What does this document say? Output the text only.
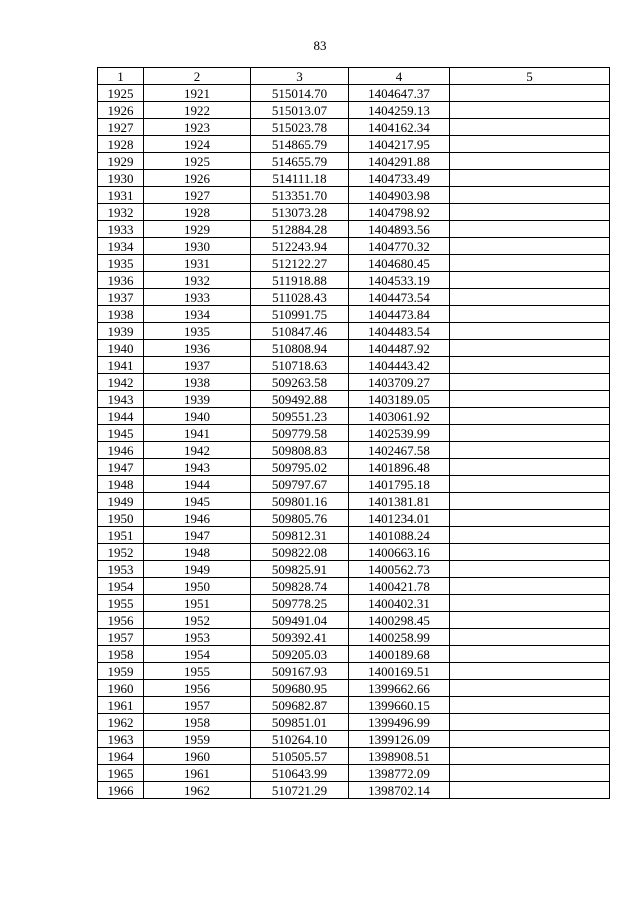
83
1	2	3	4	5
1925	1921	515014.70	1404647.37	
1926	1922	515013.07	1404259.13	
1927	1923	515023.78	1404162.34	
1928	1924	514865.79	1404217.95	
1929	1925	514655.79	1404291.88	
1930	1926	514111.18	1404733.49	
1931	1927	513351.70	1404903.98	
1932	1928	513073.28	1404798.92	
1933	1929	512884.28	1404893.56	
1934	1930	512243.94	1404770.32	
1935	1931	512122.27	1404680.45	
1936	1932	511918.88	1404533.19	
1937	1933	511028.43	1404473.54	
1938	1934	510991.75	1404473.84	
1939	1935	510847.46	1404483.54	
1940	1936	510808.94	1404487.92	
1941	1937	510718.63	1404443.42	
1942	1938	509263.58	1403709.27	
1943	1939	509492.88	1403189.05	
1944	1940	509551.23	1403061.92	
1945	1941	509779.58	1402539.99	
1946	1942	509808.83	1402467.58	
1947	1943	509795.02	1401896.48	
1948	1944	509797.67	1401795.18	
1949	1945	509801.16	1401381.81	
1950	1946	509805.76	1401234.01	
1951	1947	509812.31	1401088.24	
1952	1948	509822.08	1400663.16	
1953	1949	509825.91	1400562.73	
1954	1950	509828.74	1400421.78	
1955	1951	509778.25	1400402.31	
1956	1952	509491.04	1400298.45	
1957	1953	509392.41	1400258.99	
1958	1954	509205.03	1400189.68	
1959	1955	509167.93	1400169.51	
1960	1956	509680.95	1399662.66	
1961	1957	509682.87	1399660.15	
1962	1958	509851.01	1399496.99	
1963	1959	510264.10	1399126.09	
1964	1960	510505.57	1398908.51	
1965	1961	510643.99	1398772.09	
1966	1962	510721.29	1398702.14	
